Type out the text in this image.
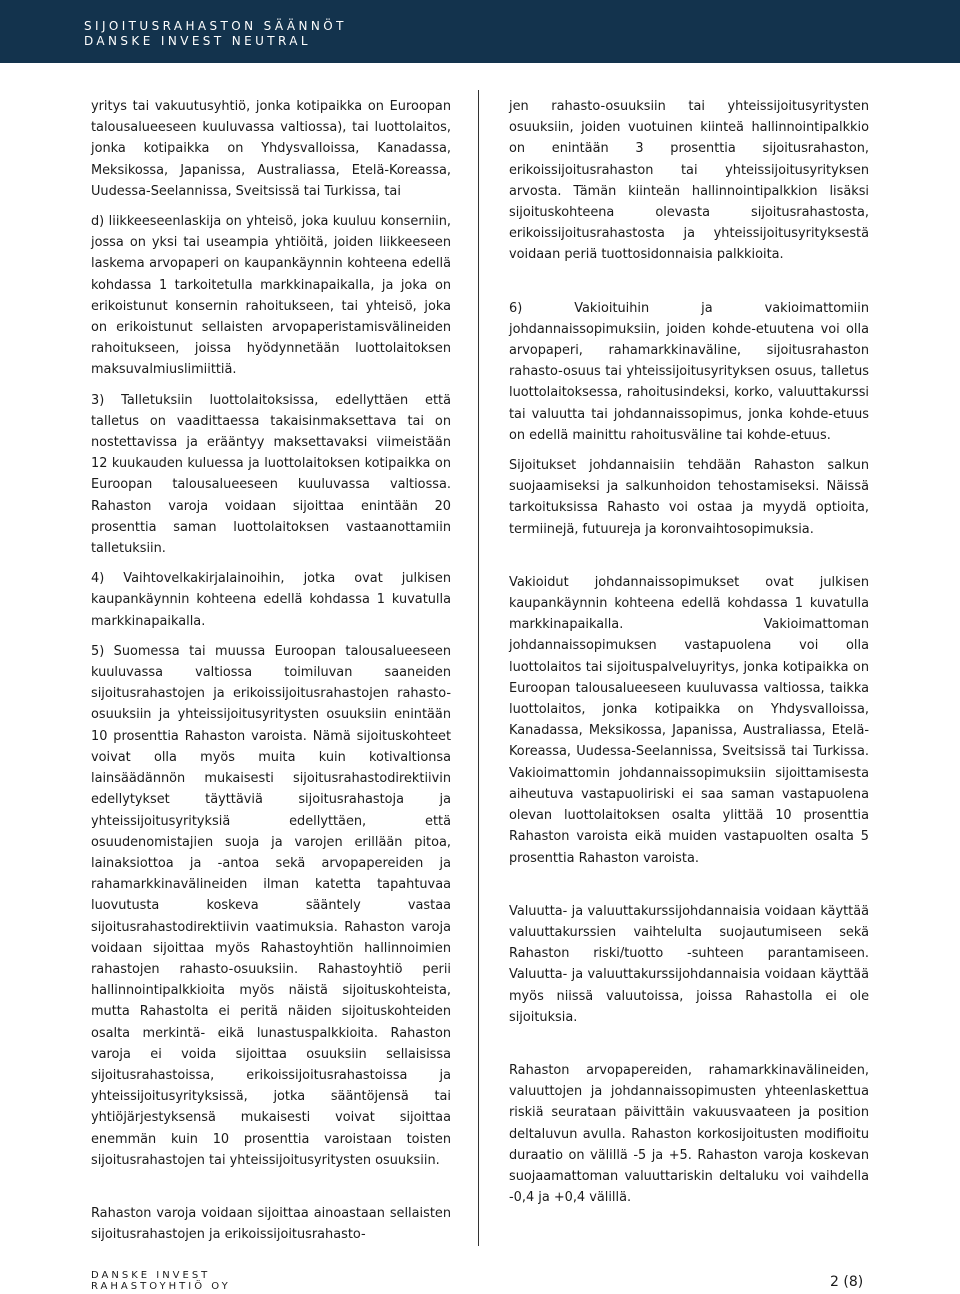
SIJOITUSRAHASTON SÄÄNNÖT

DANSKE INVEST NEUTRAL

yritys tai vakuutusyhtiö, jonka kotipaikka on Euroopan talousalueeseen kuuluvassa valtiossa), tai luottolaitos, jonka kotipaikka on Yhdysvalloissa, Kanadassa, Meksikossa, Japanissa, Australiassa, Etelä-Koreassa, Uudessa-Seelannissa, Sveitsissä tai Turkissa, tai

d) liikkeeseenlaskija on yhteisö, joka kuuluu konserniin, jossa on yksi tai useampia yhtiöitä, joiden liikkeeseen laskema arvopaperi on kaupankäynnin kohteena edellä kohdassa 1 tarkoitetulla markkinapaikalla, ja joka on erikoistunut konsernin rahoitukseen, tai yhteisö, joka on erikoistunut sellaisten arvopaperistamisvälineiden rahoitukseen, joissa hyödynnetään luottolaitoksen maksuvalmiuslimiittiä.

3) Talletuksiin luottolaitoksissa, edellyttäen että talletus on vaadittaessa takaisinmaksettava tai on nostettavissa ja erääntyy maksettavaksi viimeistään 12 kuukauden kuluessa ja luottolaitoksen kotipaikka on Euroopan talousalueeseen kuuluvassa valtiossa. Rahaston varoja voidaan sijoittaa enintään 20 prosenttia saman luottolaitoksen vastaanottamiin talletuksiin.

4) Vaihtovelkakirjalainoihin, jotka ovat julkisen kaupankäynnin kohteena edellä kohdassa 1 kuvatulla markkinapaikalla.

5) Suomessa tai muussa Euroopan talousalueeseen kuuluvassa valtiossa toimiluvan saaneiden sijoitusrahastojen ja erikoissijoitusrahastojen rahasto-osuuksiin ja yhteissijoitusyritysten osuuksiin enintään 10 prosenttia Rahaston varoista. Nämä sijoituskohteet voivat olla myös muita kuin kotivaltionsa lainsäädännön mukaisesti sijoitusrahastodirektiivin edellytykset täyttäviä sijoitusrahastoja ja yhteissijoitusyrityksiä edellyttäen, että osuudenomistajien suoja ja varojen erillään pitoa, lainaksiottoa ja -antoa sekä arvopapereiden ja rahamarkkinavälineiden ilman katetta tapahtuvaa luovutusta koskeva sääntely vastaa sijoitusrahastodirektiivin vaatimuksia. Rahaston varoja voidaan sijoittaa myös Rahastoyhtiön hallinnoimien rahastojen rahasto-osuuksiin. Rahastoyhtiö perii hallinnointipalkkioita myös näistä sijoituskohteista, mutta Rahastolta ei peritä näiden sijoituskohteiden osalta merkintä- eikä lunastuspalkkioita. Rahaston varoja ei voida sijoittaa osuuksiin sellaisissa sijoitusrahastoissa, erikoissijoitusrahastoissa ja yhteissijoitusyrityksissä, jotka sääntöjensä tai yhtiöjärjestyksensä mukaisesti voivat sijoittaa enemmän kuin 10 prosenttia varoistaan toisten sijoitusrahastojen tai yhteissijoitusyritysten osuuksiin.

Rahaston varoja voidaan sijoittaa ainoastaan sellaisten sijoitusrahastojen ja erikoissijoitusrahasto-

jen rahasto-osuuksiin tai yhteissijoitusyritysten osuuksiin, joiden vuotuinen kiinteä hallinnointipalkkio on enintään 3 prosenttia sijoitusrahaston, erikoissijoitusrahaston tai yhteissijoitusyrityksen arvosta. Tämän kiinteän hallinnointipalkkion lisäksi sijoituskohteena olevasta sijoitusrahastosta, erikoissijoitusrahastosta ja yhteissijoitusyrityksestä voidaan periä tuottosidonnaisia palkkioita.

6) Vakioituihin ja vakioimattomiin johdannaissopimuksiin, joiden kohde-etuutena voi olla arvopaperi, rahamarkkinaväline, sijoitusrahaston rahasto-osuus tai yhteissijoitusyrityksen osuus, talletus luottolaitoksessa, rahoitusindeksi, korko, valuuttakurssi tai valuutta tai johdannaissopimus, jonka kohde-etuus on edellä mainittu rahoitusväline tai kohde-etuus.

Sijoitukset johdannaisiin tehdään Rahaston salkun suojaamiseksi ja salkunhoidon tehostamiseksi. Näissä tarkoituksissa Rahasto voi ostaa ja myydä optioita, termiinejä, futuureja ja koronvaihtosopimuksia.

Vakioidut johdannaissopimukset ovat julkisen kaupankäynnin kohteena edellä kohdassa 1 kuvatulla markkinapaikalla. Vakioimattoman johdannaissopimuksen vastapuolena voi olla luottolaitos tai sijoituspalveluyritys, jonka kotipaikka on Euroopan talousalueeseen kuuluvassa valtiossa, taikka luottolaitos, jonka kotipaikka on Yhdysvalloissa, Kanadassa, Meksikossa, Japanissa, Australiassa, Etelä-Koreassa, Uudessa-Seelannissa, Sveitsissä tai Turkissa. Vakioimattomin johdannaissopimuksiin sijoittamisesta aiheutuva vastapuoliriski ei saa saman vastapuolena olevan luottolaitoksen osalta ylittää 10 prosenttia Rahaston varoista eikä muiden vastapuolten osalta 5 prosenttia Rahaston varoista.

Valuutta- ja valuuttakurssijohdannaisia voidaan käyttää valuuttakurssien vaihtelulta suojautumiseen sekä Rahaston riski/tuotto -suhteen parantamiseen. Valuutta- ja valuuttakurssijohdannaisia voidaan käyttää myös niissä valuutoissa, joissa Rahastolla ei ole sijoituksia.

Rahaston arvopapereiden, rahamarkkinavälineiden, valuuttojen ja johdannaissopimusten yhteenlaskettua riskiä seurataan päivittäin vakuusvaateen ja position deltaluvun avulla. Rahaston korkosijoitusten modifioitu duraatio on välillä -5 ja +5. Rahaston varoja koskevan suojaamattoman valuuttariskin deltaluku voi vaihdella -0,4 ja +0,4 välillä.

DANSKE INVEST
RAHASTOYHTIÖ OY	2 (8)
